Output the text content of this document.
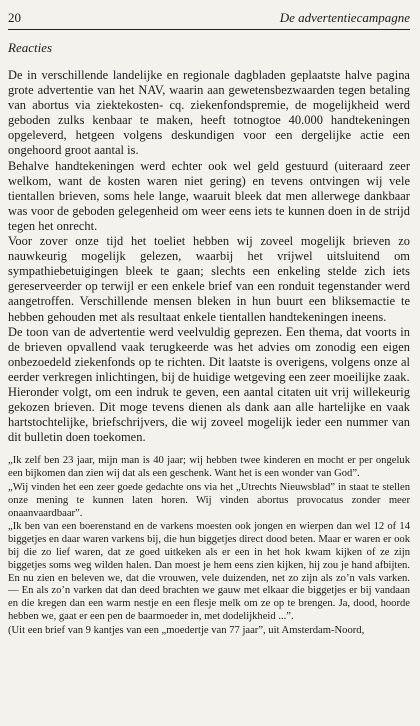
20	De advertentiecampagne
Reacties

De in verschillende landelijke en regionale dagbladen geplaatste halve pagina grote advertentie van het NAV, waarin aan gewetensbezwaarden tegen betaling van abortus via ziektekosten- cq. ziekenfondspremie, de mogelijkheid werd geboden zulks kenbaar te maken, heeft totnogtoe 40.000 handtekeningen opgeleverd, hetgeen volgens deskundigen voor een dergelijke actie een ongehoord groot aantal is.

Behalve handtekeningen werd echter ook wel geld gestuurd (uiteraard zeer welkom, want de kosten waren niet gering) en tevens ontvingen wij vele tientallen brieven, soms hele lange, waaruit bleek dat men allerwege dankbaar was voor de geboden gelegenheid om weer eens iets te kunnen doen in de strijd tegen het onrecht.

Voor zover onze tijd het toeliet hebben wij zoveel mogelijk brieven zo nauwkeurig mogelijk gelezen, waarbij het vrijwel uitsluitend om sympathiebetuigingen bleek te gaan; slechts een enkeling stelde zich iets gereserveerder op terwijl er een enkele brief van een ronduit tegenstander werd aangetroffen. Verschillende mensen bleken in hun buurt een bliksemactie te hebben gehouden met als resultaat enkele tientallen handtekeningen ineens.

De toon van de advertentie werd veelvuldig geprezen. Een thema, dat voorts in de brieven opvallend vaak terugkeerde was het advies om zonodig een eigen onbezoedeld ziekenfonds op te richten. Dit laatste is overigens, volgens onze al eerder verkregen inlichtingen, bij de huidige wetgeving een zeer moeilijke zaak.

Hieronder volgt, om een indruk te geven, een aantal citaten uit vrij willekeurig gekozen brieven. Dit moge tevens dienen als dank aan alle hartelijke en vaak hartstochtelijke, briefschrijvers, die wij zoveel mogelijk ieder een nummer van dit bulletin doen toekomen.

„Ik zelf ben 23 jaar, mijn man is 40 jaar; wij hebben twee kinderen en mocht er per ongeluk een bijkomen dan zien wij dat als een geschenk. Want het is een wonder van God”.

„Wij vinden het een zeer goede gedachte ons via het „Utrechts Nieuwsblad” in staat te stellen onze mening te kunnen laten horen. Wij vinden abortus provocatus zonder meer onaanvaardbaar”.

„Ik ben van een boerenstand en de varkens moesten ook jongen en wierpen dan wel 12 of 14 biggetjes en daar waren varkens bij, die hun biggetjes direct dood beten. Maar er waren er ook bij die zo lief waren, dat ze goed uitkeken als er een in het hok kwam kijken of ze zijn biggetjes soms weg wilden halen. Dan moest je hem eens zien kijken, hij zou je hand afbijten. En nu zien en beleven we, dat die vrouwen, vele duizenden, net zo zijn als zo’n vals varken. — En als zo’n varken dat dan deed brachten we gauw met elkaar die biggetjes er bij vandaan en die kregen dan een warm nestje en een flesje melk om ze op te brengen. Ja, dood, hoorde hebben we, gaat er een pen de baarmoeder in, met dodelijkheid ...”.

(Uit een brief van 9 kantjes van een „moedertje van 77 jaar”, uit Amsterdam-Noord,
